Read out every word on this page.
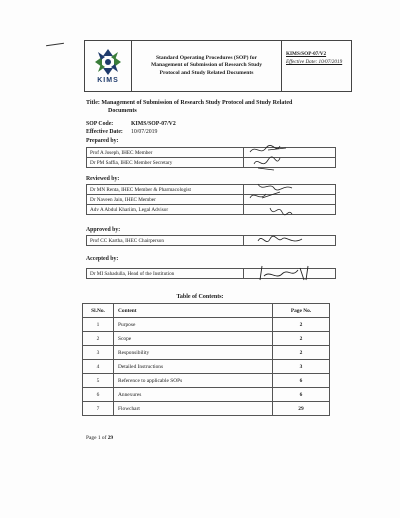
KIMS
Standard Operating Procedures (SOP) for
Management of Submission of Research Study
Protocol and Study Related Documents
KIMS/SOP-07/V2
Effective Date: 10/07/2019
Title: Management of Submission of Research Study Protocol and Study Related
Documents
SOP Code:	KIMS/SOP-07/V2
Effective Date: 10/07/2019
Prepared by:
Prof A Joseph, IHEC Member	
Dr PM Saffia, IHEC Member Secretary	
Reviewed by:
Dr MN Renta, IHEC Member & Pharmacologist	
Dr Naveen Jain, IHEC Member	
Adv A Abdul Khariim, Legal Advisor	
Approved by:
Prof CC Kartha, IHEC Chairperson	
Accepted by:
Dr MI Sahadulla, Head of the Institution	
Table of Contents:
Sl.No.	Content	Page No.
1	Purpose	2
2	Scope	2
3	Responsibility	2
4	Detailed Instructions	3
5	Reference to applicable SOPs	6
6	Annexures	6
7	Flowchart	29
Page 1 of 29
